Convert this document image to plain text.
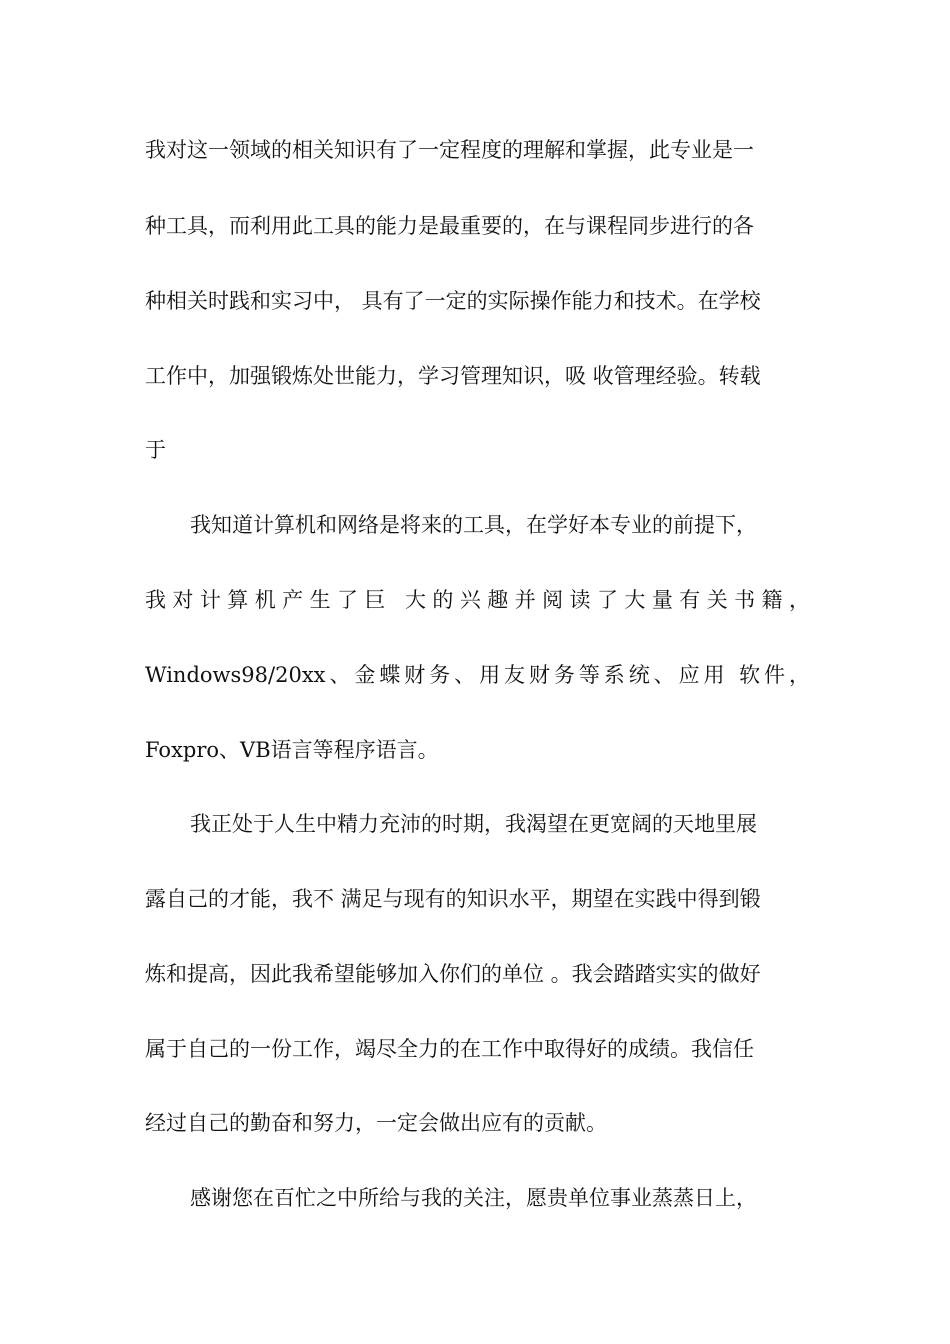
我对这一领域的相关知识有了一定程度的理解和掌握，此专业是一
种工具，而利用此工具的能力是最重要的，在与课程同步进行的各
种相关时践和实习中， 具有了一定的实际操作能力和技术。在学校
工作中，加强锻炼处世能力，学习管理知识，吸 收管理经验。转载
于
我知道计算机和网络是将来的工具，在学好本专业的前提下，
我对计算机产生了巨 大的兴趣并阅读了大量有关书籍，
Windows98/20xx、金蝶财务、用友财务等系统、应用 软件，
Foxpro、VB语言等程序语言。
我正处于人生中精力充沛的时期，我渴望在更宽阔的天地里展
露自己的才能，我不 满足与现有的知识水平，期望在实践中得到锻
炼和提高，因此我希望能够加入你们的单位 。我会踏踏实实的做好
属于自己的一份工作，竭尽全力的在工作中取得好的成绩。我信任
经过自己的勤奋和努力，一定会做出应有的贡献。
感谢您在百忙之中所给与我的关注，愿贵单位事业蒸蒸日上，
